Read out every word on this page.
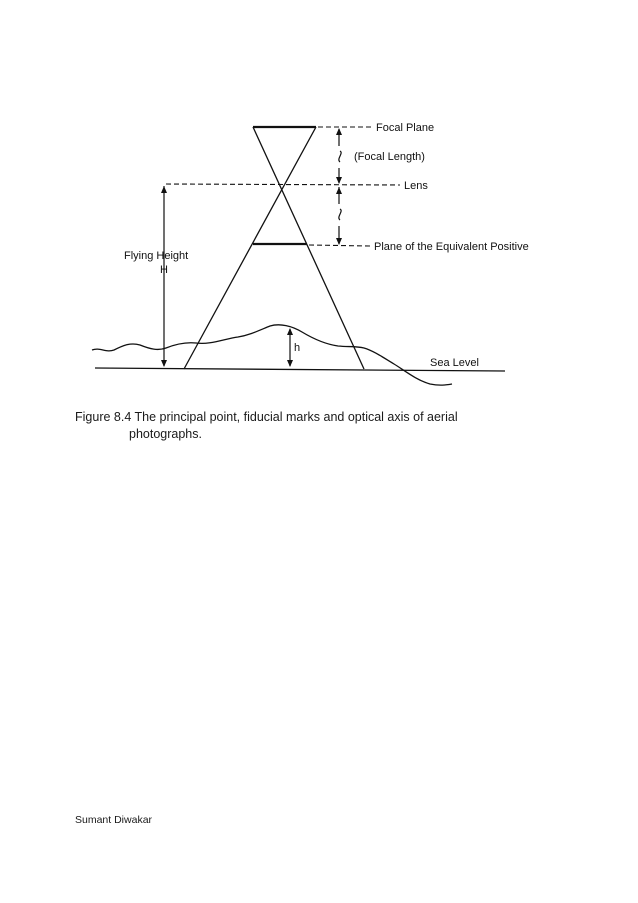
Focal Plane
(Focal Length)
Lens
Plane of the Equivalent Positive
Flying Height
H
h
Sea Level
Figure 8.4 The principal point, fiducial marks and optical axis of aerial
photographs.
Sumant Diwakar
